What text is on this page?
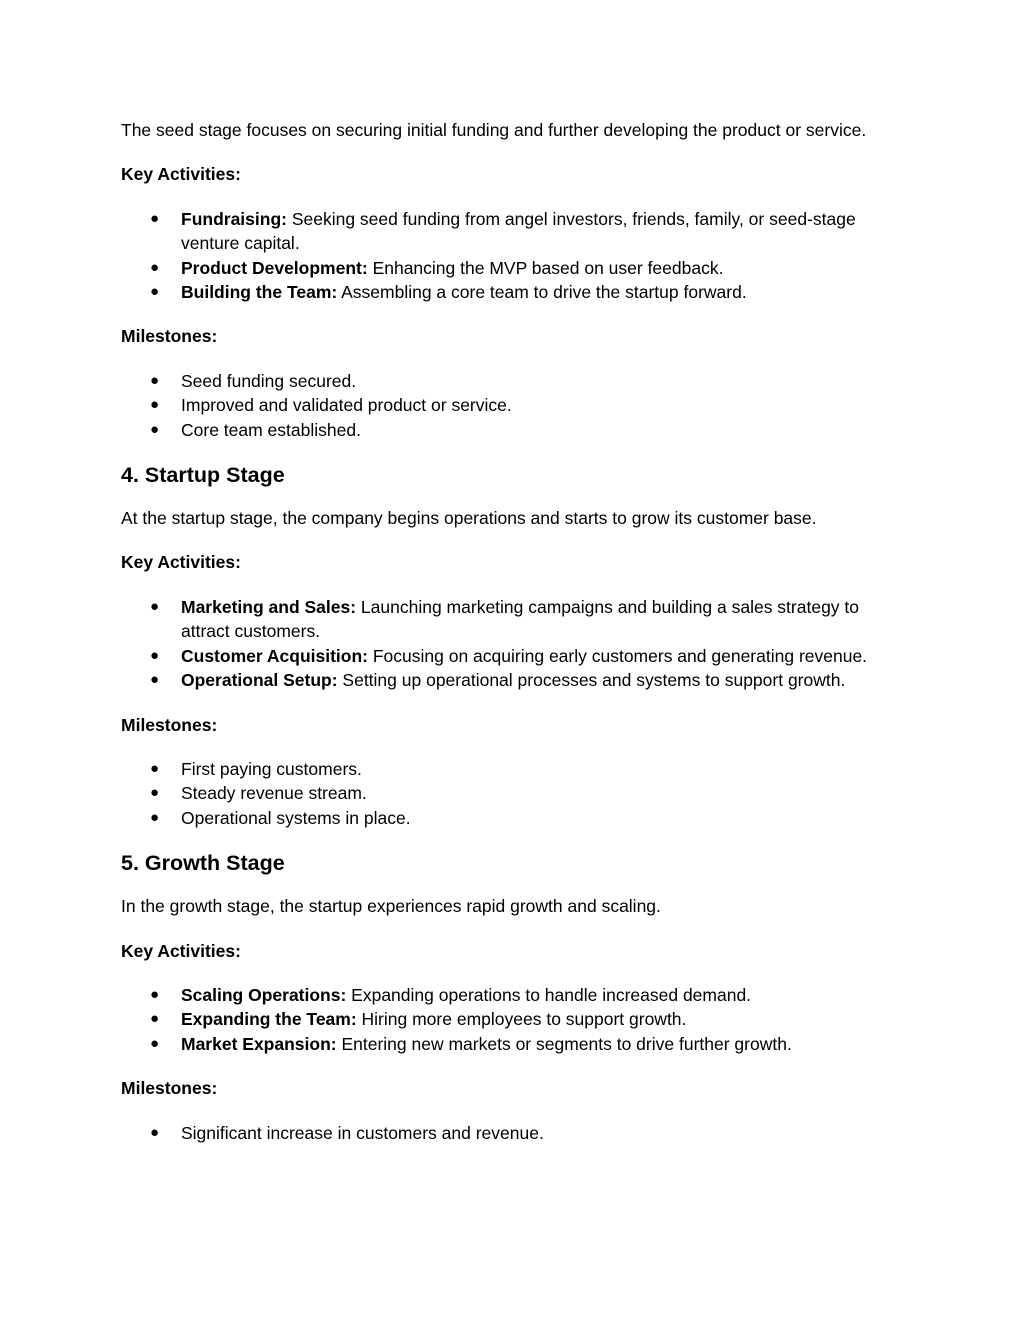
The seed stage focuses on securing initial funding and further developing the product or service.

Key Activities:

● Fundraising: Seeking seed funding from angel investors, friends, family, or seed-stage venture capital.
● Product Development: Enhancing the MVP based on user feedback.
● Building the Team: Assembling a core team to drive the startup forward.

Milestones:

● Seed funding secured.
● Improved and validated product or service.
● Core team established.
4. Startup Stage

At the startup stage, the company begins operations and starts to grow its customer base.

Key Activities:

● Marketing and Sales: Launching marketing campaigns and building a sales strategy to attract customers.
● Customer Acquisition: Focusing on acquiring early customers and generating revenue.
● Operational Setup: Setting up operational processes and systems to support growth.

Milestones:

● First paying customers.
● Steady revenue stream.
● Operational systems in place.
5. Growth Stage

In the growth stage, the startup experiences rapid growth and scaling.

Key Activities:

● Scaling Operations: Expanding operations to handle increased demand.
● Expanding the Team: Hiring more employees to support growth.
● Market Expansion: Entering new markets or segments to drive further growth.

Milestones:

● Significant increase in customers and revenue.
